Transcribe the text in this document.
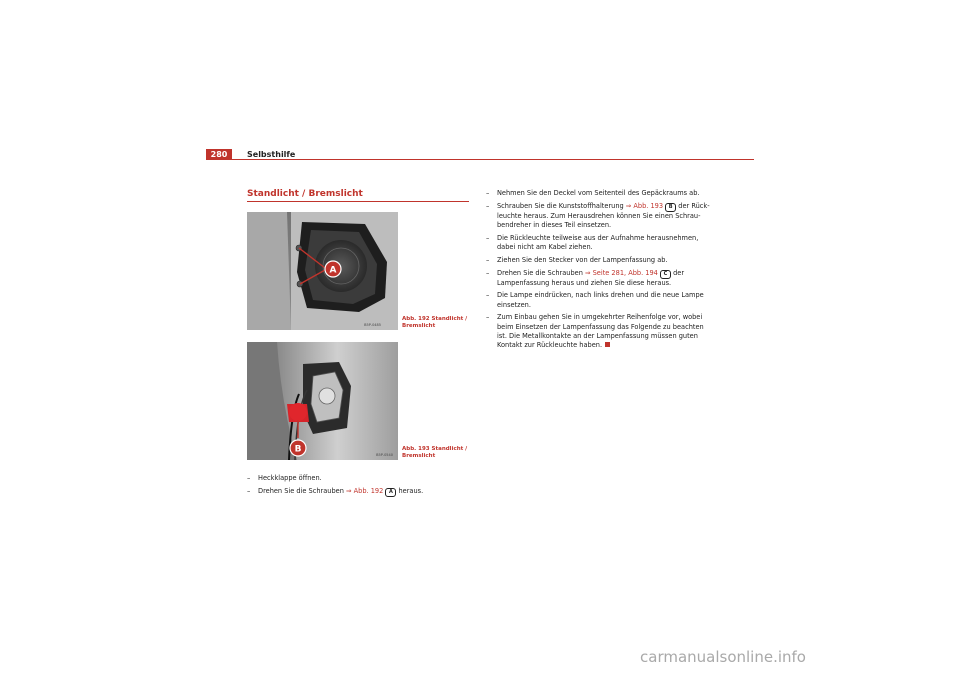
280	Selbsthilfe
Standlicht / Bremslicht
A
B5P-0485
Abb. 192 Standlicht / Bremslicht
B
B5P-0540
Abb. 193 Standlicht / Bremslicht
– Heckklappe öffnen.
– Drehen Sie die Schrauben ⇒ Abb. 192 A heraus.
– Nehmen Sie den Deckel vom Seitenteil des Gepäckraums ab.
– Schrauben Sie die Kunststoffhalterung ⇒ Abb. 193 B der Rückleuchte heraus. Zum Herausdrehen können Sie einen Schraubendreher in dieses Teil einsetzen.
– Die Rückleuchte teilweise aus der Aufnahme herausnehmen, dabei nicht am Kabel ziehen.
– Ziehen Sie den Stecker von der Lampenfassung ab.
– Drehen Sie die Schrauben ⇒ Seite 281, Abb. 194 C der Lampenfassung heraus und ziehen Sie diese heraus.
– Die Lampe eindrücken, nach links drehen und die neue Lampe einsetzen.
– Zum Einbau gehen Sie in umgekehrter Reihenfolge vor, wobei beim Einsetzen der Lampenfassung das Folgende zu beachten ist. Die Metallkontakte an der Lampenfassung müssen guten Kontakt zur Rückleuchte haben.
carmanualsonline.info
